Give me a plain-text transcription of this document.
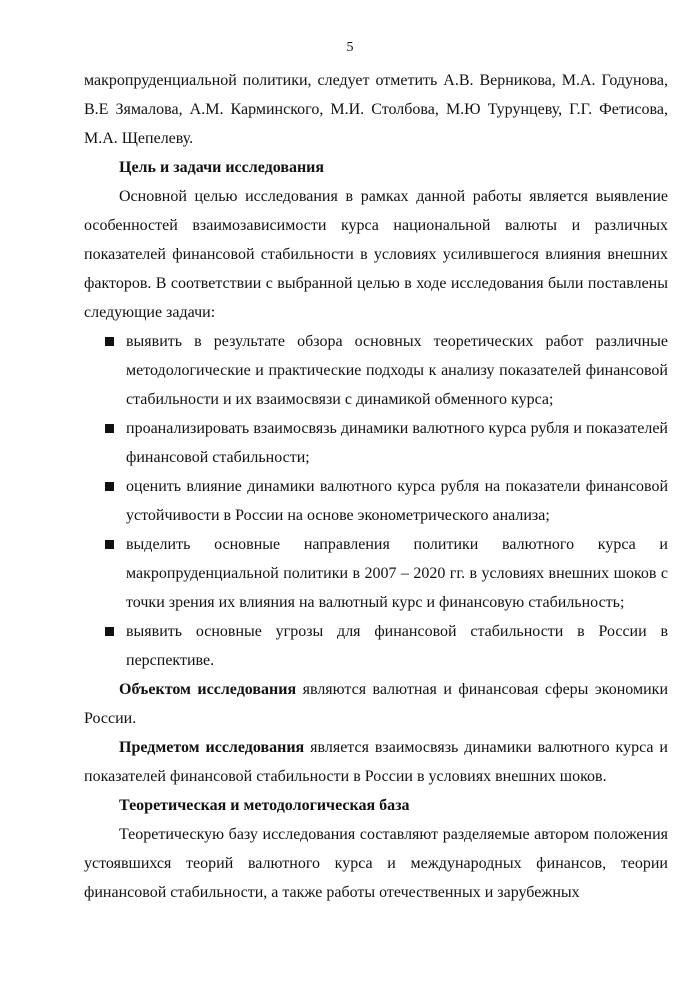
5

макропруденциальной политики, следует отметить А.В. Верникова, М.А. Годунова, В.Е Зямалова, А.М. Карминского, М.И. Столбова, М.Ю Турунцеву, Г.Г. Фетисова, М.А. Щепелеву.

Цель и задачи исследования

Основной целью исследования в рамках данной работы является выявление особенностей взаимозависимости курса национальной валюты и различных показателей финансовой стабильности в условиях усилившегося влияния внешних факторов. В соответствии с выбранной целью в ходе исследования были поставлены следующие задачи:

выявить в результате обзора основных теоретических работ различные методологические и практические подходы к анализу показателей финансовой стабильности и их взаимосвязи с динамикой обменного курса;
проанализировать взаимосвязь динамики валютного курса рубля и показателей финансовой стабильности;
оценить влияние динамики валютного курса рубля на показатели финансовой устойчивости в России на основе эконометрического анализа;
выделить основные направления политики валютного курса и макропруденциальной политики в 2007 – 2020 гг. в условиях внешних шоков с точки зрения их влияния на валютный курс и финансовую стабильность;
выявить основные угрозы для финансовой стабильности в России в перспективе.

Объектом исследования являются валютная и финансовая сферы экономики России.

Предметом исследования является взаимосвязь динамики валютного курса и показателей финансовой стабильности в России в условиях внешних шоков.

Теоретическая и методологическая база

Теоретическую базу исследования составляют разделяемые автором положения устоявшихся теорий валютного курса и международных финансов, теории финансовой стабильности, а также работы отечественных и зарубежных
